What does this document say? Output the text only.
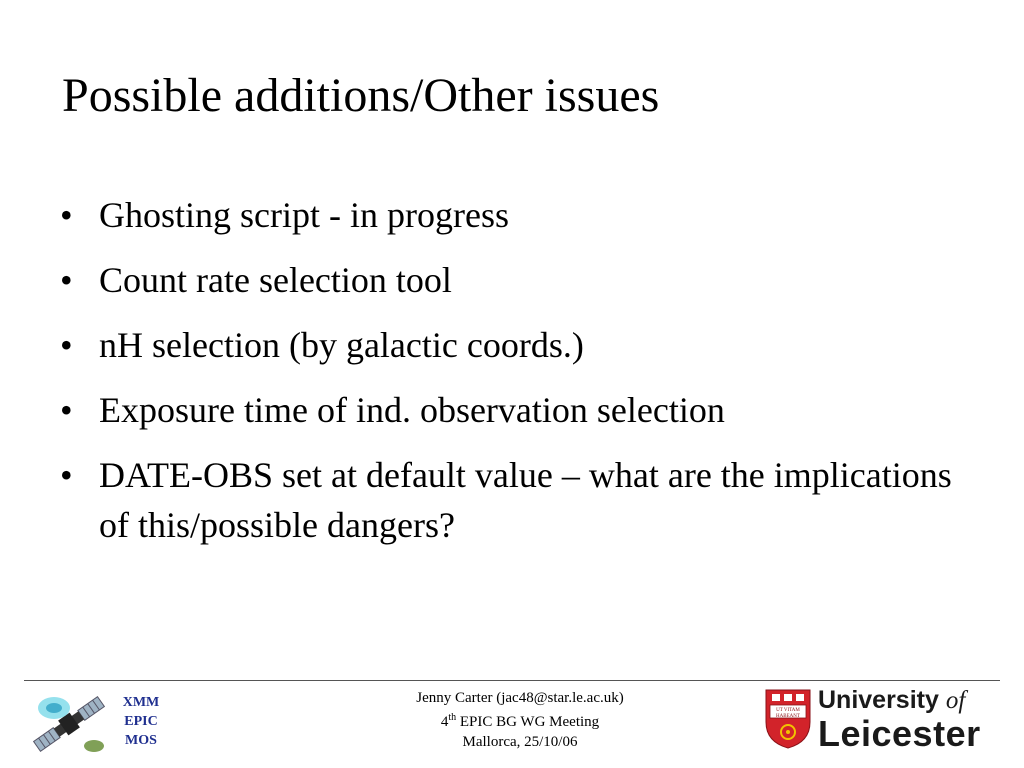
Possible additions/Other issues
• Ghosting script - in progress
• Count rate selection tool
• nH selection (by galactic coords.)
• Exposure time of ind. observation selection
• DATE-OBS set at default value – what are the implications of this/possible dangers?
XMM
EPIC
MOS
Jenny Carter (jac48@star.le.ac.uk)
4th EPIC BG WG Meeting
Mallorca, 25/10/06
UT VITAM
HABEANT
University of
Leicester
